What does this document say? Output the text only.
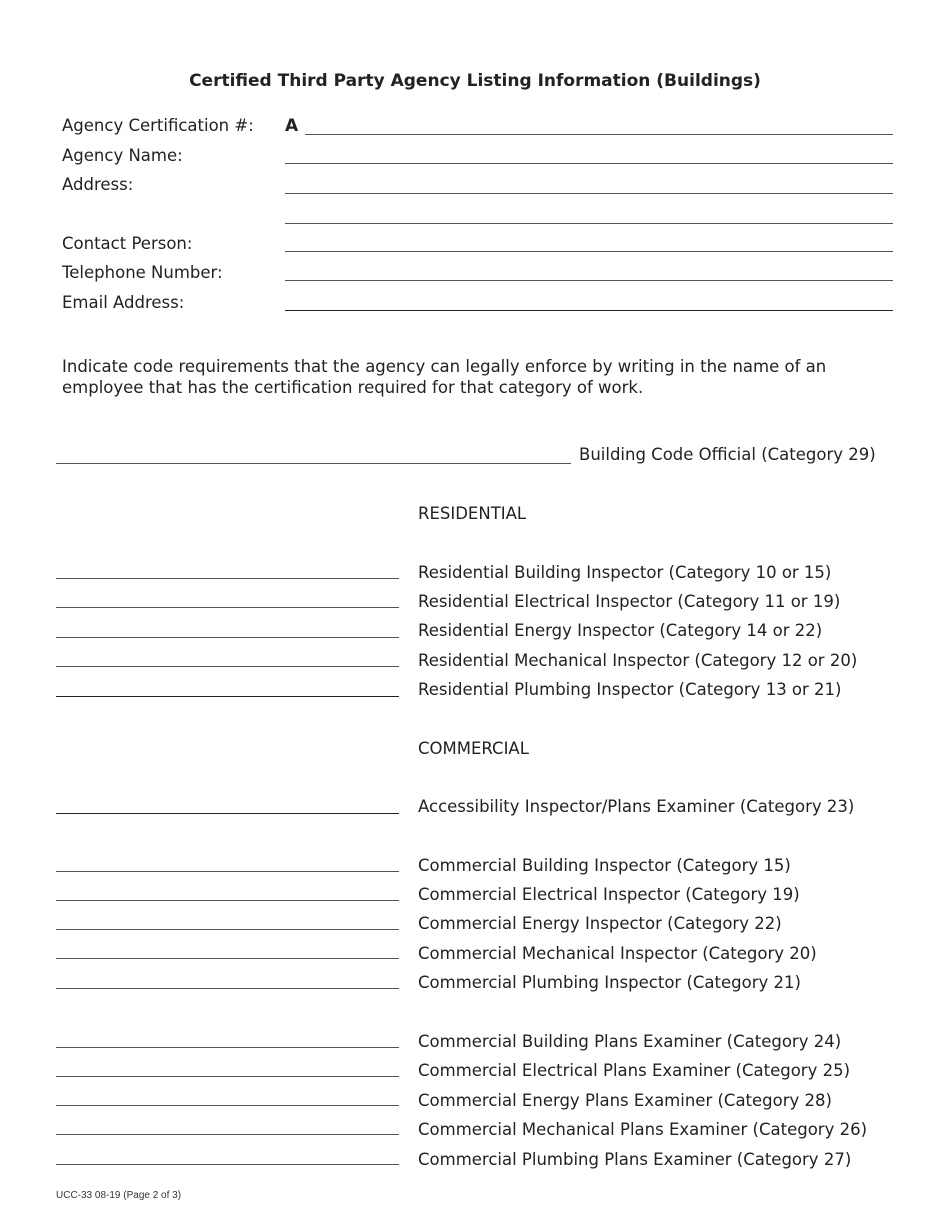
Certified Third Party Agency Listing Information (Buildings)
Agency Certification #: A
Agency Name:
Address:
Contact Person:
Telephone Number:
Email Address:
Indicate code requirements that the agency can legally enforce by writing in the name of an employee that has the certification required for that category of work.
Building Code Official (Category 29)
RESIDENTIAL
Residential Building Inspector (Category 10 or 15)
Residential Electrical Inspector (Category 11 or 19)
Residential Energy Inspector (Category 14 or 22)
Residential Mechanical Inspector (Category 12 or 20)
Residential Plumbing Inspector (Category 13 or 21)
COMMERCIAL
Accessibility Inspector/Plans Examiner (Category 23)
Commercial Building Inspector (Category 15)
Commercial Electrical Inspector (Category 19)
Commercial Energy Inspector (Category 22)
Commercial Mechanical Inspector (Category 20)
Commercial Plumbing Inspector (Category 21)
Commercial Building Plans Examiner (Category 24)
Commercial Electrical Plans Examiner (Category 25)
Commercial Energy Plans Examiner (Category 28)
Commercial Mechanical Plans Examiner (Category 26)
Commercial Plumbing Plans Examiner (Category 27)
UCC-33 08-19 (Page 2 of 3)
